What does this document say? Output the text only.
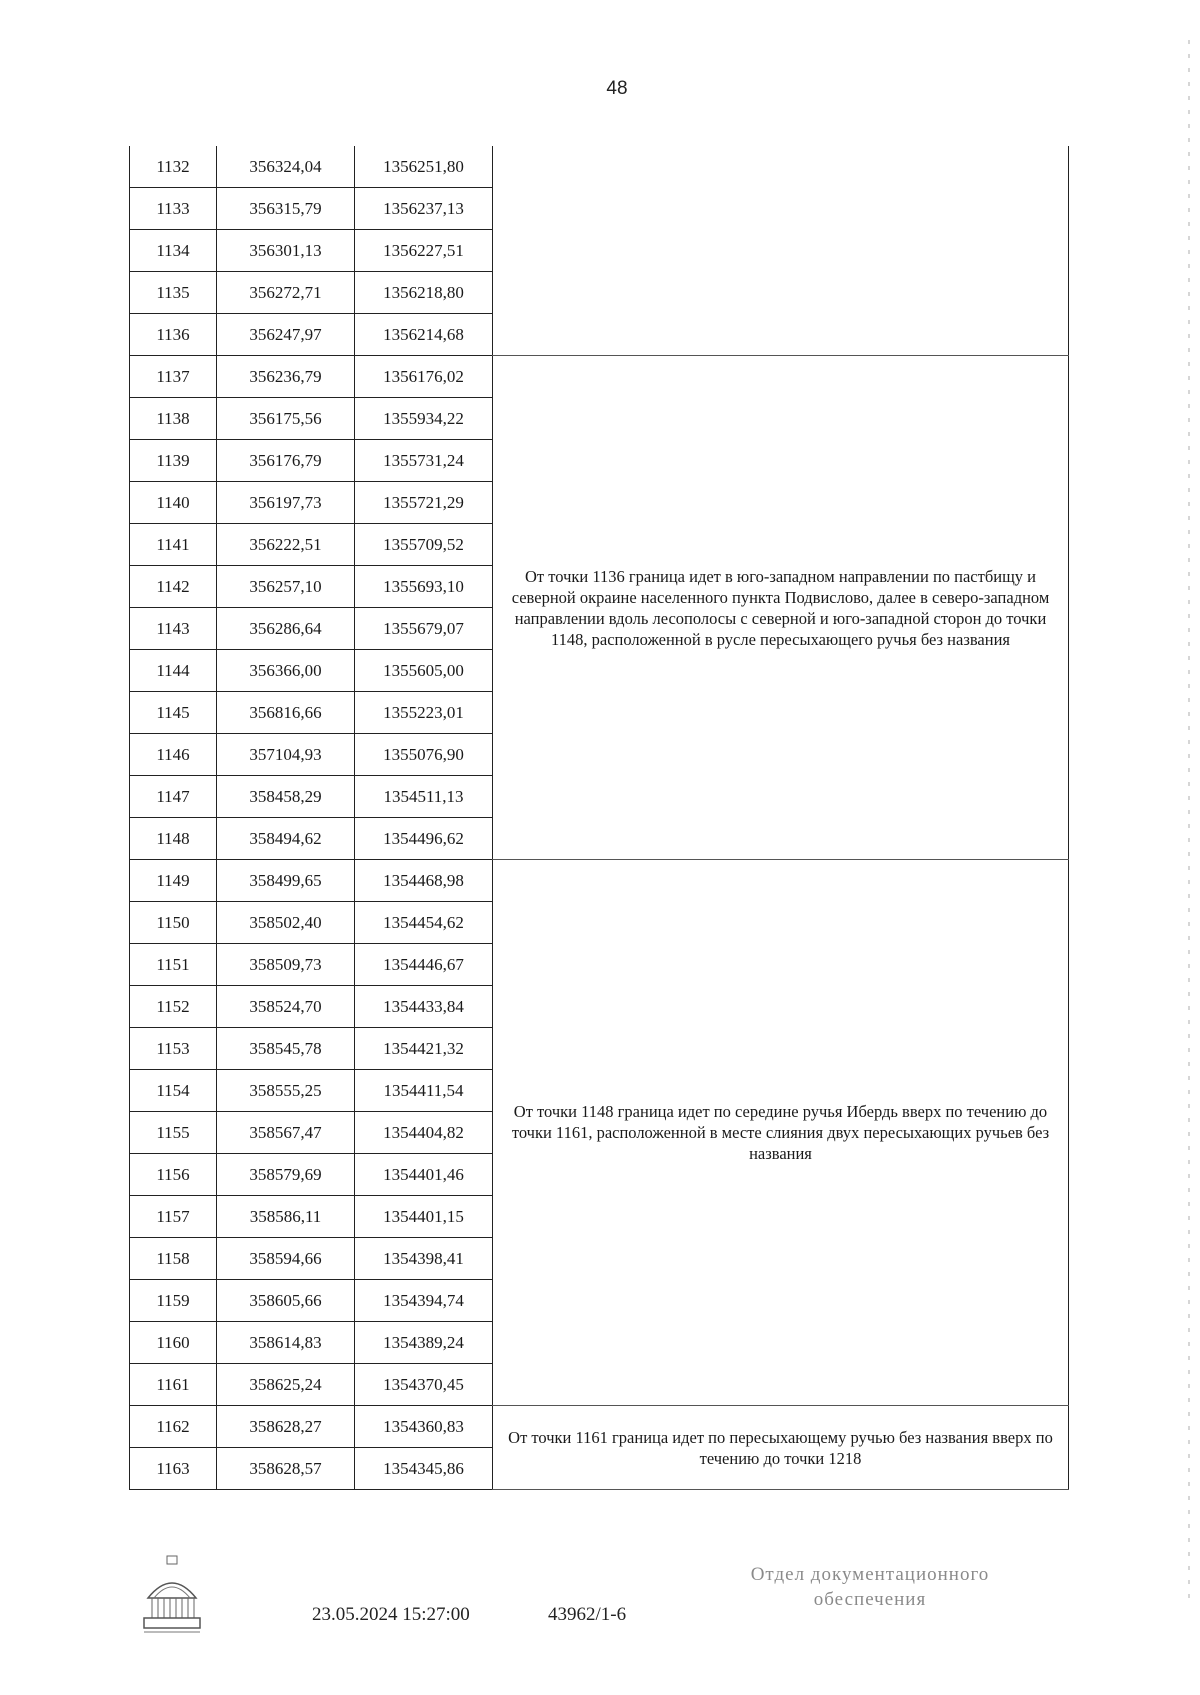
48
1132	356324,04	1356251,80	
1133	356315,79	1356237,13	
1134	356301,13	1356227,51	
1135	356272,71	1356218,80	
1136	356247,97	1356214,68	
1137	356236,79	1356176,02	От точки 1136 граница идет в юго-западном направлении по пастбищу и северной окраине населенного пункта Подвислово, далее в северо-западном направлении вдоль лесополосы с северной и юго-западной сторон до точки 1148, расположенной в русле пересыхающего ручья без названия
1138	356175,56	1355934,22	
1139	356176,79	1355731,24	
1140	356197,73	1355721,29	
1141	356222,51	1355709,52	
1142	356257,10	1355693,10	
1143	356286,64	1355679,07	
1144	356366,00	1355605,00	
1145	356816,66	1355223,01	
1146	357104,93	1355076,90	
1147	358458,29	1354511,13	
1148	358494,62	1354496,62	
1149	358499,65	1354468,98	От точки 1148 граница идет по середине ручья Ибердь вверх по течению до точки 1161, расположенной в месте слияния двух пересыхающих ручьев без названия
1150	358502,40	1354454,62	
1151	358509,73	1354446,67	
1152	358524,70	1354433,84	
1153	358545,78	1354421,32	
1154	358555,25	1354411,54	
1155	358567,47	1354404,82	
1156	358579,69	1354401,46	
1157	358586,11	1354401,15	
1158	358594,66	1354398,41	
1159	358605,66	1354394,74	
1160	358614,83	1354389,24	
1161	358625,24	1354370,45	
1162	358628,27	1354360,83	От точки 1161 граница идет по пересыхающему ручью без названия вверх по течению до точки 1218
1163	358628,57	1354345,86	
23.05.2024 15:27:00	43962/1-6
Отдел документационного
обеспечения
